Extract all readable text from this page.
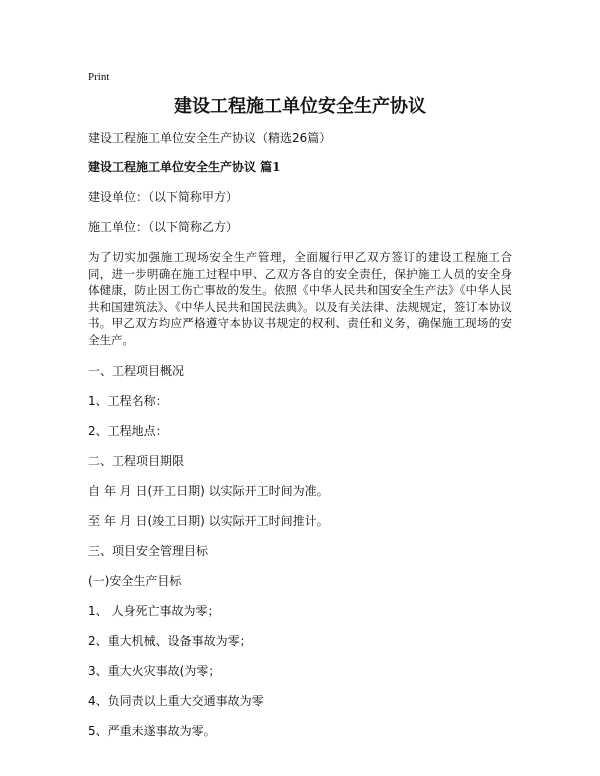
Print
建设工程施工单位安全生产协议
建设工程施工单位安全生产协议（精选26篇）
建设工程施工单位安全生产协议 篇1
建设单位：（以下简称甲方）
施工单位：（以下简称乙方）
为了切实加强施工现场安全生产管理，全面履行甲乙双方签订的建设工程施工合同，进一步明确在施工过程中甲、乙双方各自的安全责任，保护施工人员的安全身体健康，防止因工伤亡事故的发生。依照《中华人民共和国安全生产法》《中华人民共和国建筑法》、《中华人民共和国民法典》。以及有关法律、法规规定，签订本协议书。甲乙双方均应严格遵守本协议书规定的权利、责任和义务，确保施工现场的安全生产。
一、工程项目概况
1、工程名称：
2、工程地点：
二、工程项目期限
自 年 月 日(开工日期) 以实际开工时间为准。
至 年 月 日(竣工日期) 以实际开工时间推计。
三、项目安全管理目标
(一)安全生产目标
1、 人身死亡事故为零；
2、重大机械、设备事故为零；
3、重大火灾事故(为零；
4、负同责以上重大交通事故为零
5、严重未遂事故为零。
